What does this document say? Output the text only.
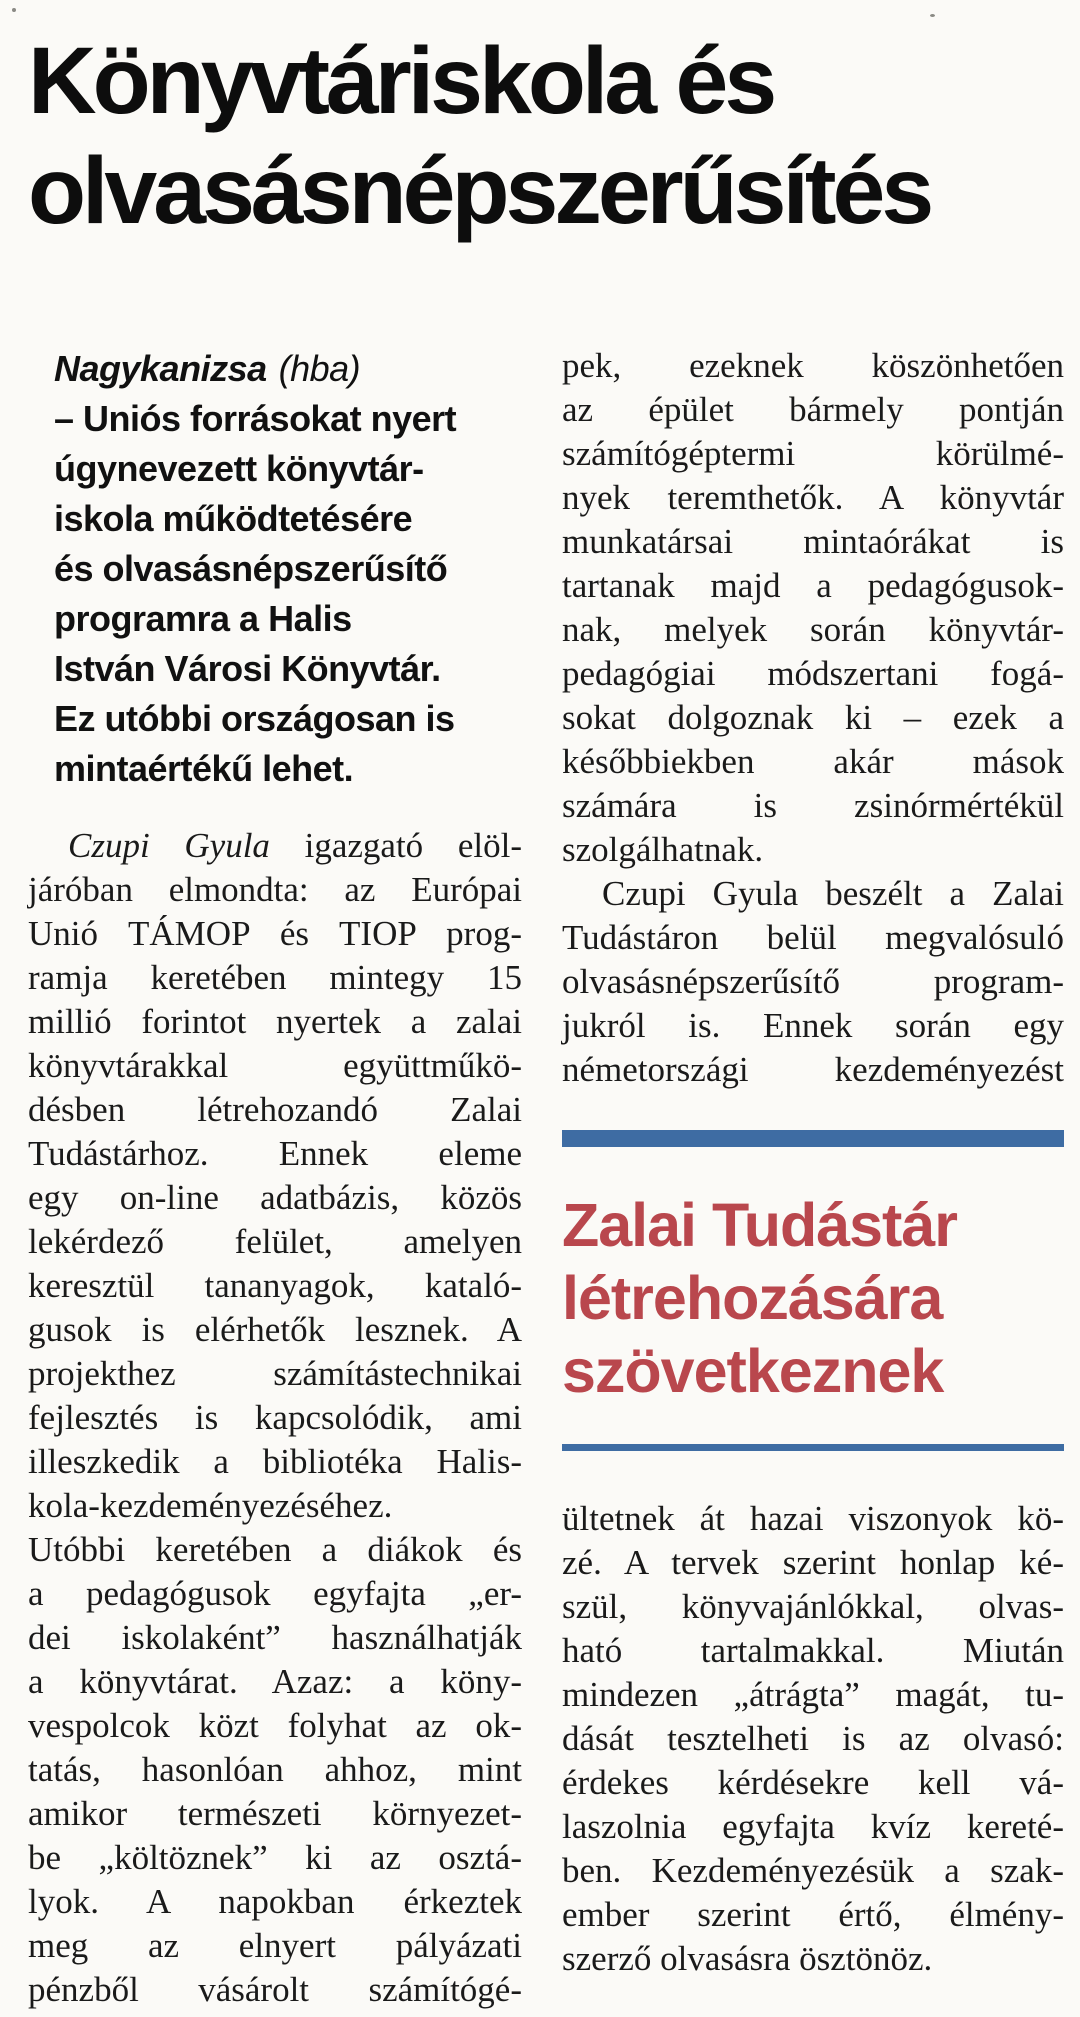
Könyvtáriskola és
olvasásnépszerűsítés
Nagykanizsa (hba)
– Uniós forrásokat nyert
úgynevezett könyvtár-
iskola működtetésére
és olvasásnépszerűsítő
programra a Halis
István Városi Könyvtár.
Ez utóbbi országosan is
mintaértékű lehet.
Czupi Gyula igazgató elöl-
járóban elmondta: az Európai
Unió TÁMOP és TIOP prog-
ramja keretében mintegy 15
millió forintot nyertek a zalai
könyvtárakkal együttműkö-
désben létrehozandó Zalai
Tudástárhoz. Ennek eleme
egy on-line adatbázis, közös
lekérdező felület, amelyen
keresztül tananyagok, kataló-
gusok is elérhetők lesznek. A
projekthez számítástechnikai
fejlesztés is kapcsolódik, ami
illeszkedik a bibliotéka Halis-
kola-kezdeményezéséhez.
Utóbbi keretében a diákok és
a pedagógusok egyfajta „er-
dei iskolaként” használhatják
a könyvtárat. Azaz: a köny-
vespolcok közt folyhat az ok-
tatás, hasonlóan ahhoz, mint
amikor természeti környezet-
be „költöznek” ki az osztá-
lyok. A napokban érkeztek
meg az elnyert pályázati
pénzből vásárolt számítógé-
pek, ezeknek köszönhetően
az épület bármely pontján
számítógéptermi körülmé-
nyek teremthetők. A könyvtár
munkatársai mintaórákat is
tartanak majd a pedagógusok-
nak, melyek során könyvtár-
pedagógiai módszertani fogá-
sokat dolgoznak ki – ezek a
későbbiekben akár mások
számára is zsinórmértékül
szolgálhatnak.
Czupi Gyula beszélt a Zalai
Tudástáron belül megvalósuló
olvasásnépszerűsítő program-
jukról is. Ennek során egy
németországi kezdeményezést
Zalai Tudástár
létrehozására
szövetkeznek
ültetnek át hazai viszonyok kö-
zé. A tervek szerint honlap ké-
szül, könyvajánlókkal, olvas-
ható tartalmakkal. Miután
mindezen „átrágta” magát, tu-
dását tesztelheti is az olvasó:
érdekes kérdésekre kell vá-
laszolnia egyfajta kvíz kereté-
ben. Kezdeményezésük a szak-
ember szerint értő, élmény-
szerző olvasásra ösztönöz.
